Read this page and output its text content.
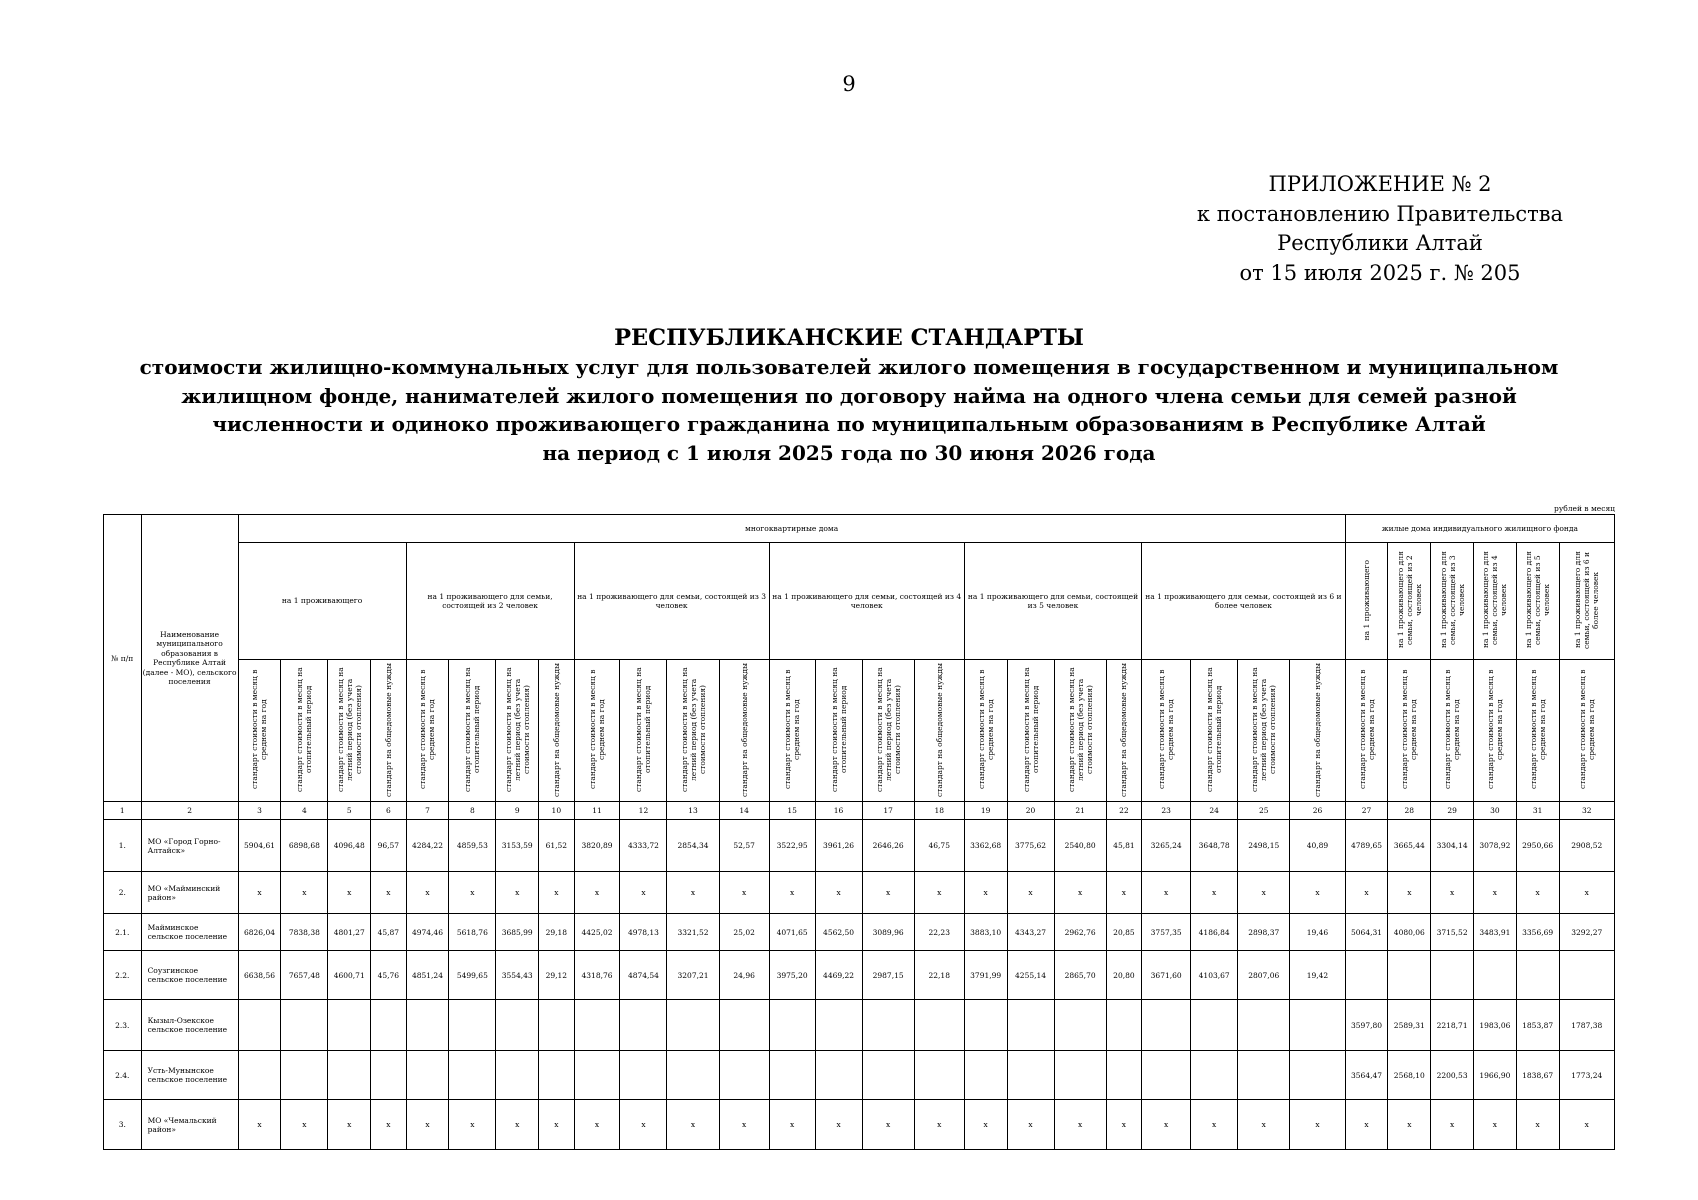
9
ПРИЛОЖЕНИЕ № 2
к постановлению Правительства
Республики Алтай
от 15 июля 2025 г. № 205
РЕСПУБЛИКАНСКИЕ СТАНДАРТЫ
стоимости жилищно-коммунальных услуг для пользователей жилого помещения в государственном и муниципальном
жилищном фонде, нанимателей жилого помещения по договору найма на одного члена семьи для семей разной
численности и одиноко проживающего гражданина по муниципальным образованиям в Республике Алтай
на период с 1 июля 2025 года по 30 июня 2026 года
рублей в месяц
№ п/п	Наименование муниципального образования в Республике Алтай (далее - МО), сельского поселения	многоквартирные дома																								жилые дома индивидуального жилищного фонда					
		на 1 проживающего				на 1 проживающего для семьи, состоящей из 2 человек				на 1 проживающего для семьи, состоящей из 3 человек				на 1 проживающего для семьи, состоящей из 4 человек				на 1 проживающего для семьи, состоящей из 5 человек				на 1 проживающего для семьи, состоящей из 6 и более человек				на 1 проживающего	на 1 проживающего для семьи, состоящей из 2 человек	на 1 проживающего для семьи, состоящей из 3 человек	на 1 проживающего для семьи, состоящей из 4 человек	на 1 проживающего для семьи, состоящей из 5 человек	на 1 проживающего для семьи, состоящей из 6 и более человек
		стандарт стоимости в месяц в среднем на год	стандарт стоимости в месяц на отопительный период	стандарт стоимости в месяц на летний период (без учета стоимости отопления)	стандарт на общедомовые нужды	стандарт стоимости в месяц в среднем на год	стандарт стоимости в месяц на отопительный период	стандарт стоимости в месяц на летний период (без учета стоимости отопления)	стандарт на общедомовые нужды	стандарт стоимости в месяц в среднем на год	стандарт стоимости в месяц на отопительный период	стандарт стоимости в месяц на летний период (без учета стоимости отопления)	стандарт на общедомовые нужды	стандарт стоимости в месяц в среднем на год	стандарт стоимости в месяц на отопительный период	стандарт стоимости в месяц на летний период (без учета стоимости отопления)	стандарт на общедомовые нужды	стандарт стоимости в месяц в среднем на год	стандарт стоимости в месяц на отопительный период	стандарт стоимости в месяц на летний период (без учета стоимости отопления)	стандарт на общедомовые нужды	стандарт стоимости в месяц в среднем на год	стандарт стоимости в месяц на отопительный период	стандарт стоимости в месяц на летний период (без учета стоимости отопления)	стандарт на общедомовые нужды	стандарт стоимости в месяц в среднем на год	стандарт стоимости в месяц в среднем на год	стандарт стоимости в месяц в среднем на год	стандарт стоимости в месяц в среднем на год	стандарт стоимости в месяц в среднем на год	стандарт стоимости в месяц в среднем на год
1	2	3	4	5	6	7	8	9	10	11	12	13	14	15	16	17	18	19	20	21	22	23	24	25	26	27	28	29	30	31	32
1.	МО «Город Горно-Алтайск»	5904,61	6898,68	4096,48	96,57	4284,22	4859,53	3153,59	61,52	3820,89	4333,72	2854,34	52,57	3522,95	3961,26	2646,26	46,75	3362,68	3775,62	2540,80	45,81	3265,24	3648,78	2498,15	40,89	4789,65	3665,44	3304,14	3078,92	2950,66	2908,52
2.	МО «Майминский район»	x	x	x	x	x	x	x	x	x	x	x	x	x	x	x	x	x	x	x	x	x	x	x	x	x	x	x	x	x	x
2.1.	Майминское сельское поселение	6826,04	7838,38	4801,27	45,87	4974,46	5618,76	3685,99	29,18	4425,02	4978,13	3321,52	25,02	4071,65	4562,50	3089,96	22,23	3883,10	4343,27	2962,76	20,85	3757,35	4186,84	2898,37	19,46	5064,31	4080,06	3715,52	3483,91	3356,69	3292,27
2.2.	Соузгинское сельское поселение	6638,56	7657,48	4600,71	45,76	4851,24	5499,65	3554,43	29,12	4318,76	4874,54	3207,21	24,96	3975,20	4469,22	2987,15	22,18	3791,99	4255,14	2865,70	20,80	3671,60	4103,67	2807,06	19,42						
2.3.	Кызыл-Озекское сельское поселение																									3597,80	2589,31	2218,71	1983,06	1853,87	1787,38
2.4.	Усть-Мунынское сельское поселение																									3564,47	2568,10	2200,53	1966,90	1838,67	1773,24
3.	МО «Чемальский район»	x	x	x	x	x	x	x	x	x	x	x	x	x	x	x	x	x	x	x	x	x	x	x	x	x	x	x	x	x	x
